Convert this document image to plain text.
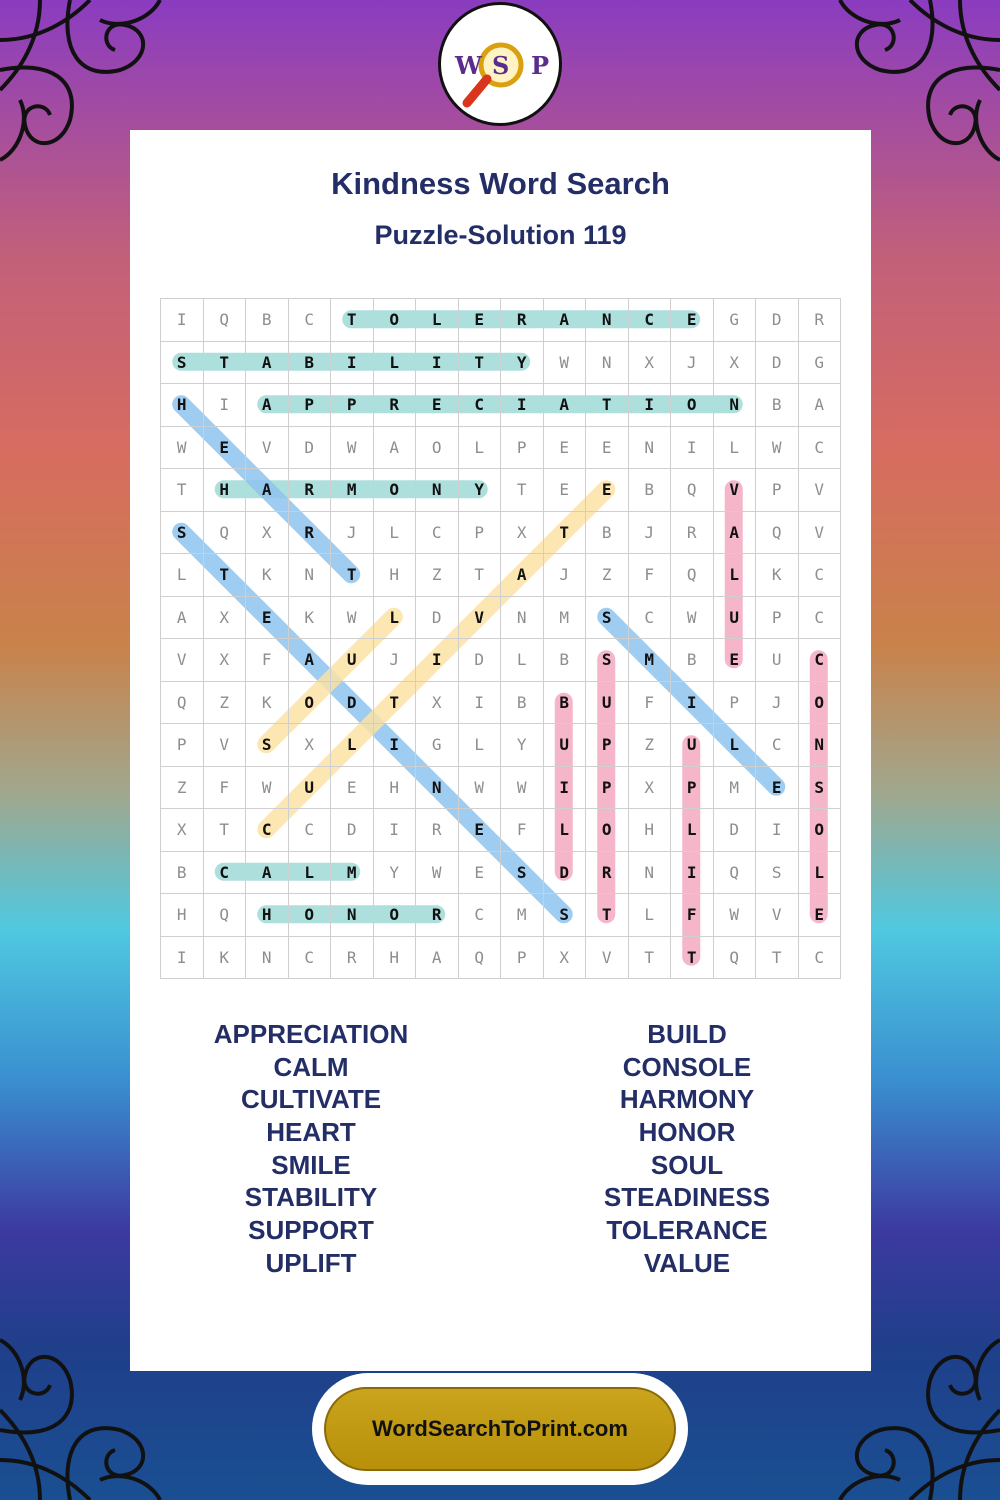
W S P
Kindness Word Search
Puzzle-Solution 119
I	Q	B	C	T	O	L	E	R	A	N	C	E	G	D	R
S	T	A	B	I	L	I	T	Y	W	N	X	J	X	D	G
H	I	A	P	P	R	E	C	I	A	T	I	O	N	B	A
W	E	V	D	W	A	O	L	P	E	E	N	I	L	W	C
T	H	A	R	M	O	N	Y	T	E	E	B	Q	V	P	V
S	Q	X	R	J	L	C	P	X	T	B	J	R	A	Q	V
L	T	K	N	T	H	Z	T	A	J	Z	F	Q	L	K	C
A	X	E	K	W	L	D	V	N	M	S	C	W	U	P	C
V	X	F	A	U	J	I	D	L	B	S	M	B	E	U	C
Q	Z	K	O	D	T	X	I	B	B	U	F	I	P	J	O
P	V	S	X	L	I	G	L	Y	U	P	Z	U	L	C	N
Z	F	W	U	E	H	N	W	W	I	P	X	P	M	E	S
X	T	C	C	D	I	R	E	F	L	O	H	L	D	I	O
B	C	A	L	M	Y	W	E	S	D	R	N	I	Q	S	L
H	Q	H	O	N	O	R	C	M	S	T	L	F	W	V	E
I	K	N	C	R	H	A	Q	P	X	V	T	T	Q	T	C
APPRECIATION
CALM
CULTIVATE
HEART
SMILE
STABILITY
SUPPORT
UPLIFT
BUILD
CONSOLE
HARMONY
HONOR
SOUL
STEADINESS
TOLERANCE
VALUE
WordSearchToPrint.com
